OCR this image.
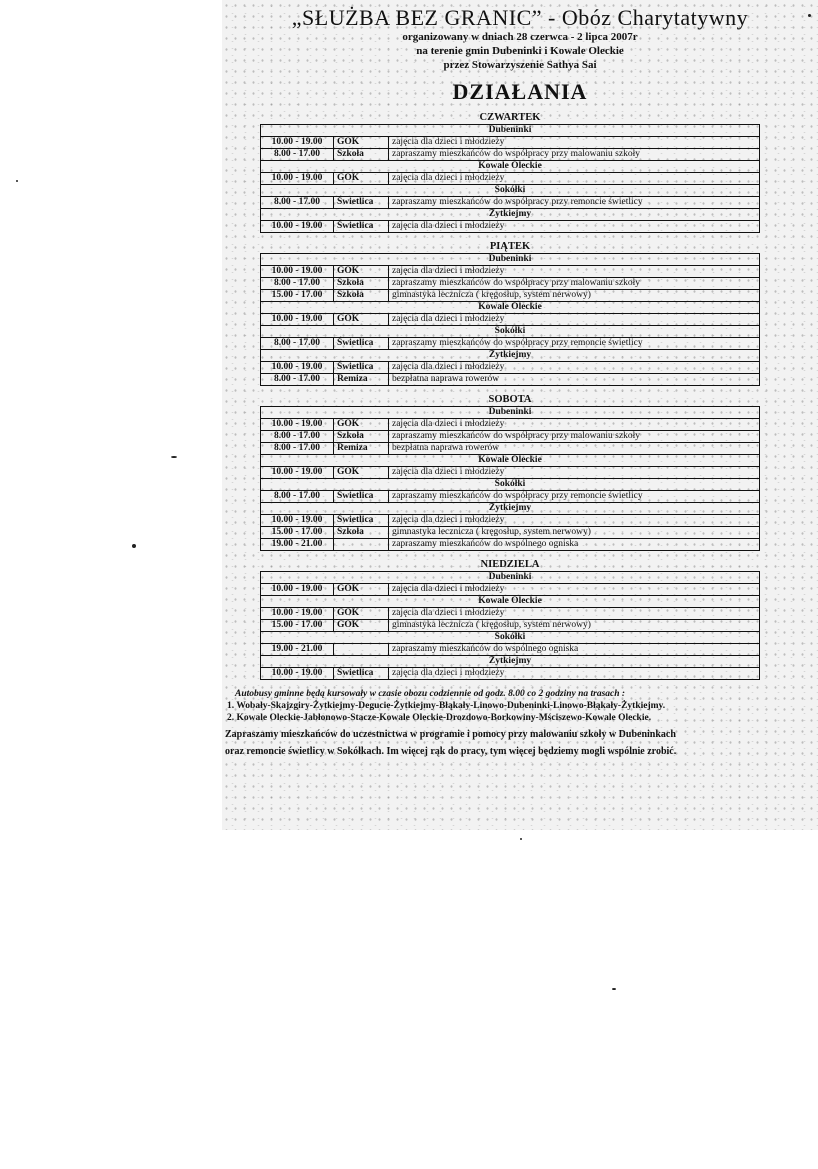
„SŁUŻBA BEZ GRANIC” - Obóz Charytatywny

organizowany w dniach 28 czerwca - 2 lipca 2007r

na terenie gmin Dubeninki i Kowale Oleckie

przez Stowarzyszenie Sathya Sai

DZIAŁANIA

CZWARTEK
Dubeninki		
10.00 - 19.00	GOK	zajęcia dla dzieci i młodzieży
8.00 - 17.00	Szkoła	zapraszamy mieszkańców do współpracy przy malowaniu szkoły
Kowale Oleckie		
10.00 - 19.00	GOK	zajęcia dla dzieci i młodzieży
Sokółki		
8.00 - 17.00	Świetlica	zapraszamy mieszkańców do współpracy przy remoncie świetlicy
Żytkiejmy		
10.00 - 19.00	Świetlica	zajęcia dla dzieci i młodzieży
PIĄTEK
Dubeninki		
10.00 - 19.00	GOK	zajęcia dla dzieci i młodzieży
8.00 - 17.00	Szkoła	zapraszamy mieszkańców do współpracy przy malowaniu szkoły
15.00 - 17.00	Szkoła	gimnastyka lecznicza ( kręgosłup, system nerwowy)
Kowale Oleckie		
10.00 - 19.00	GOK	zajęcia dla dzieci i młodzieży
Sokółki		
8.00 - 17.00	Świetlica	zapraszamy mieszkańców do współpracy przy remoncie świetlicy
Żytkiejmy		
10.00 - 19.00	Świetlica	zajęcia dla dzieci i młodzieży
8.00 - 17.00	Remiza	bezpłatna naprawa rowerów
SOBOTA
Dubeninki		
10.00 - 19.00	GOK	zajęcia dla dzieci i młodzieży
8.00 - 17.00	Szkoła	zapraszamy mieszkańców do współpracy przy malowaniu szkoły
8.00 - 17.00	Remiza	bezpłatna naprawa rowerów
Kowale Oleckie		
10.00 - 19.00	GOK	zajęcia dla dzieci i młodzieży
Sokółki		
8.00 - 17.00	Świetlica	zapraszamy mieszkańców do współpracy przy remoncie świetlicy
Żytkiejmy		
10.00 - 19.00	Świetlica	zajęcia dla dzieci i młodzieży
15.00 - 17.00	Szkoła	gimnastyka lecznicza ( kręgosłup, system nerwowy)
19.00 - 21.00		zapraszamy mieszkańców do wspólnego ogniska
NIEDZIELA
Dubeninki		
10.00 - 19.00	GOK	zajęcia dla dzieci i młodzieży
Kowale Oleckie		
10.00 - 19.00	GOK	zajęcia dla dzieci i młodzieży
15.00 - 17.00	GOK	gimnastyka lecznicza ( kręgosłup, system nerwowy)
Sokółki		
19.00 - 21.00		zapraszamy mieszkańców do wspólnego ogniska
Żytkiejmy		
10.00 - 19.00	Świetlica	zajęcia dla dzieci i młodzieży

Autobusy gminne będą kursowały w czasie obozu codziennie od godz. 8.00 co 2 godziny na trasach :

1. Wobały-Skajzgiry-Żytkiejmy-Degucie-Żytkiejmy-Błąkały-Linowo-Dubeninki-Linowo-Błąkały-Żytkiejmy.

2. Kowale Oleckie-Jabłonowo-Stacze-Kowale Oleckie-Drozdowo-Borkowiny-Mściszewo-Kowale Oleckie.

Zapraszamy mieszkańców do uczestnictwa w programie i pomocy przy malowaniu szkoły w Dubeninkach

oraz remoncie świetlicy w Sokółkach. Im więcej rąk do pracy, tym więcej będziemy mogli wspólnie zrobić.
